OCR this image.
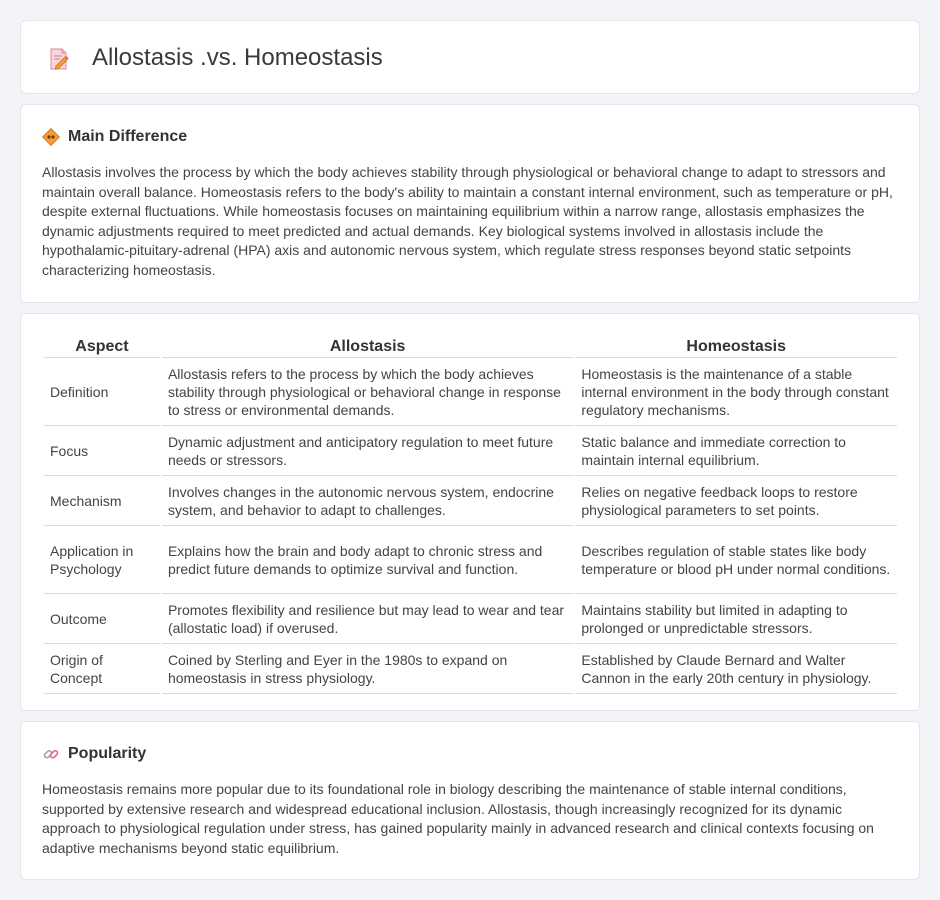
Allostasis .vs. Homeostasis
Main Difference

Allostasis involves the process by which the body achieves stability through physiological or behavioral change to adapt to stressors and maintain overall balance. Homeostasis refers to the body's ability to maintain a constant internal environment, such as temperature or pH, despite external fluctuations. While homeostasis focuses on maintaining equilibrium within a narrow range, allostasis emphasizes the dynamic adjustments required to meet predicted and actual demands. Key biological systems involved in allostasis include the hypothalamic-pituitary-adrenal (HPA) axis and autonomic nervous system, which regulate stress responses beyond static setpoints characterizing homeostasis.

Aspect	Allostasis	Homeostasis
Definition	Allostasis refers to the process by which the body achieves stability through physiological or behavioral change in response to stress or environmental demands.	Homeostasis is the maintenance of a stable internal environment in the body through constant regulatory mechanisms.
Focus	Dynamic adjustment and anticipatory regulation to meet future needs or stressors.	Static balance and immediate correction to maintain internal equilibrium.
Mechanism	Involves changes in the autonomic nervous system, endocrine system, and behavior to adapt to challenges.	Relies on negative feedback loops to restore physiological parameters to set points.
Application in Psychology	Explains how the brain and body adapt to chronic stress and predict future demands to optimize survival and function.	Describes regulation of stable states like body temperature or blood pH under normal conditions.
Outcome	Promotes flexibility and resilience but may lead to wear and tear (allostatic load) if overused.	Maintains stability but limited in adapting to prolonged or unpredictable stressors.
Origin of Concept	Coined by Sterling and Eyer in the 1980s to expand on homeostasis in stress physiology.	Established by Claude Bernard and Walter Cannon in the early 20th century in physiology.
Popularity

Homeostasis remains more popular due to its foundational role in biology describing the maintenance of stable internal conditions, supported by extensive research and widespread educational inclusion. Allostasis, though increasingly recognized for its dynamic approach to physiological regulation under stress, has gained popularity mainly in advanced research and clinical contexts focusing on adaptive mechanisms beyond static equilibrium.
